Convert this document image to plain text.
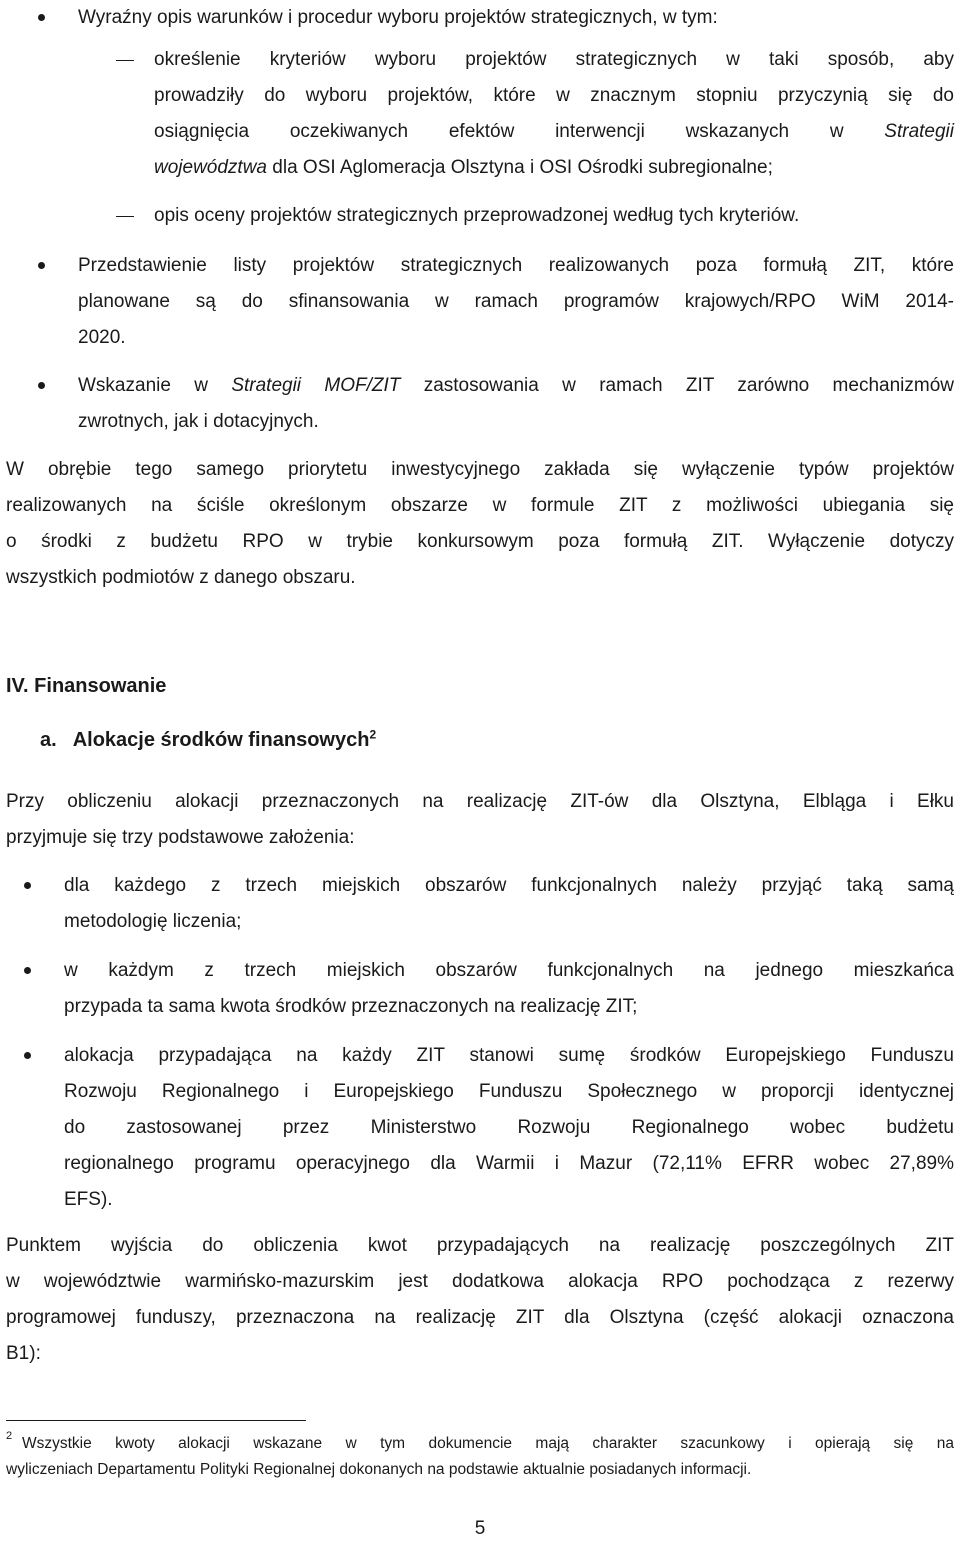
Wyraźny opis warunków i procedur wyboru projektów strategicznych, w tym:
określenie kryteriów wyboru projektów strategicznych w taki sposób, aby
prowadziły do wyboru projektów, które w znacznym stopniu przyczynią się do
osiągnięcia oczekiwanych efektów interwencji wskazanych w Strategii
województwa dla OSI Aglomeracja Olsztyna i OSI Ośrodki subregionalne;
opis oceny projektów strategicznych przeprowadzonej według tych kryteriów.
Przedstawienie listy projektów strategicznych realizowanych poza formułą ZIT, które
planowane są do sfinansowania w ramach programów krajowych/RPO WiM 2014-
2020.
Wskazanie w Strategii MOF/ZIT zastosowania w ramach ZIT zarówno mechanizmów
zwrotnych, jak i dotacyjnych.
W obrębie tego samego priorytetu inwestycyjnego zakłada się wyłączenie typów projektów
realizowanych na ściśle określonym obszarze w formule ZIT z możliwości ubiegania się
o środki z budżetu RPO w trybie konkursowym poza formułą ZIT. Wyłączenie dotyczy
wszystkich podmiotów z danego obszaru.
IV. Finansowanie
a. Alokacje środków finansowych$^2$
Przy obliczeniu alokacji przeznaczonych na realizację ZIT-ów dla Olsztyna, Elbląga i Ełku
przyjmuje się trzy podstawowe założenia:
dla każdego z trzech miejskich obszarów funkcjonalnych należy przyjąć taką samą
metodologię liczenia;
w każdym z trzech miejskich obszarów funkcjonalnych na jednego mieszkańca
przypada ta sama kwota środków przeznaczonych na realizację ZIT;
alokacja przypadająca na każdy ZIT stanowi sumę środków Europejskiego Funduszu
Rozwoju Regionalnego i Europejskiego Funduszu Społecznego w proporcji identycznej
do zastosowanej przez Ministerstwo Rozwoju Regionalnego wobec budżetu
regionalnego programu operacyjnego dla Warmii i Mazur (72,11% EFRR wobec 27,89%
EFS).
Punktem wyjścia do obliczenia kwot przypadających na realizację poszczególnych ZIT
w województwie warmińsko-mazurskim jest dodatkowa alokacja RPO pochodząca z rezerwy
programowej funduszy, przeznaczona na realizację ZIT dla Olsztyna (część alokacji oznaczona
B1):
2 Wszystkie kwoty alokacji wskazane w tym dokumencie mają charakter szacunkowy i opierają się na
wyliczeniach Departamentu Polityki Regionalnej dokonanych na podstawie aktualnie posiadanych informacji.
5
